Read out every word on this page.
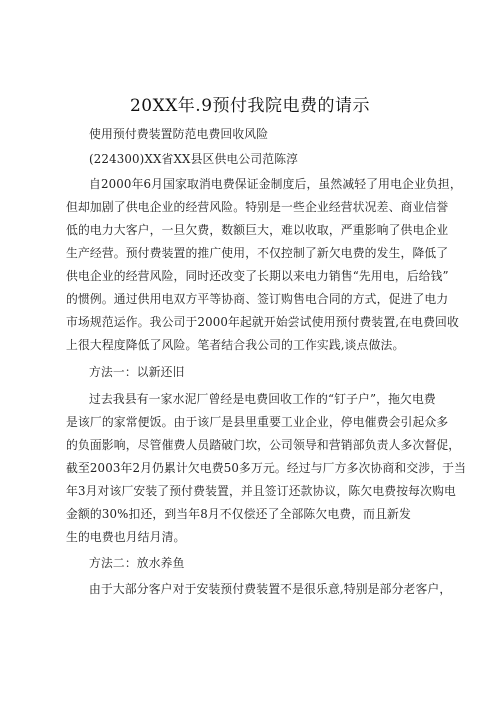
20XX年.9预付我院电费的请示
使用预付费装置防范电费回收风险
(224300)XX省XX县区供电公司范陈淳
自2000年6月国家取消电费保证金制度后，虽然减轻了用电企业负担，
但却加剧了供电企业的经营风险。特别是一些企业经营状况差、商业信誉
低的电力大客户，一旦欠费，数额巨大，难以收取，严重影响了供电企业
生产经营。预付费装置的推广使用，不仅控制了新欠电费的发生，降低了
供电企业的经营风险，同时还改变了长期以来电力销售“先用电，后给钱”
的惯例。通过供用电双方平等协商、签订购售电合同的方式，促进了电力
市场规范运作。我公司于2000年起就开始尝试使用预付费装置,在电费回收
上很大程度降低了风险。笔者结合我公司的工作实践,谈点做法。
方法一：以新还旧
过去我县有一家水泥厂曾经是电费回收工作的“钉子户”，拖欠电费
是该厂的家常便饭。由于该厂是县里重要工业企业，停电催费会引起众多
的负面影响，尽管催费人员踏破门坎，公司领导和营销部负责人多次督促，
截至2003年2月仍累计欠电费50多万元。经过与厂方多次协商和交涉，于当
年3月对该厂安装了预付费装置，并且签订还款协议，陈欠电费按每次购电
金额的30%扣还，到当年8月不仅偿还了全部陈欠电费，而且新发
生的电费也月结月清。
方法二：放水养鱼
由于大部分客户对于安装预付费装置不是很乐意,特别是部分老客户，
